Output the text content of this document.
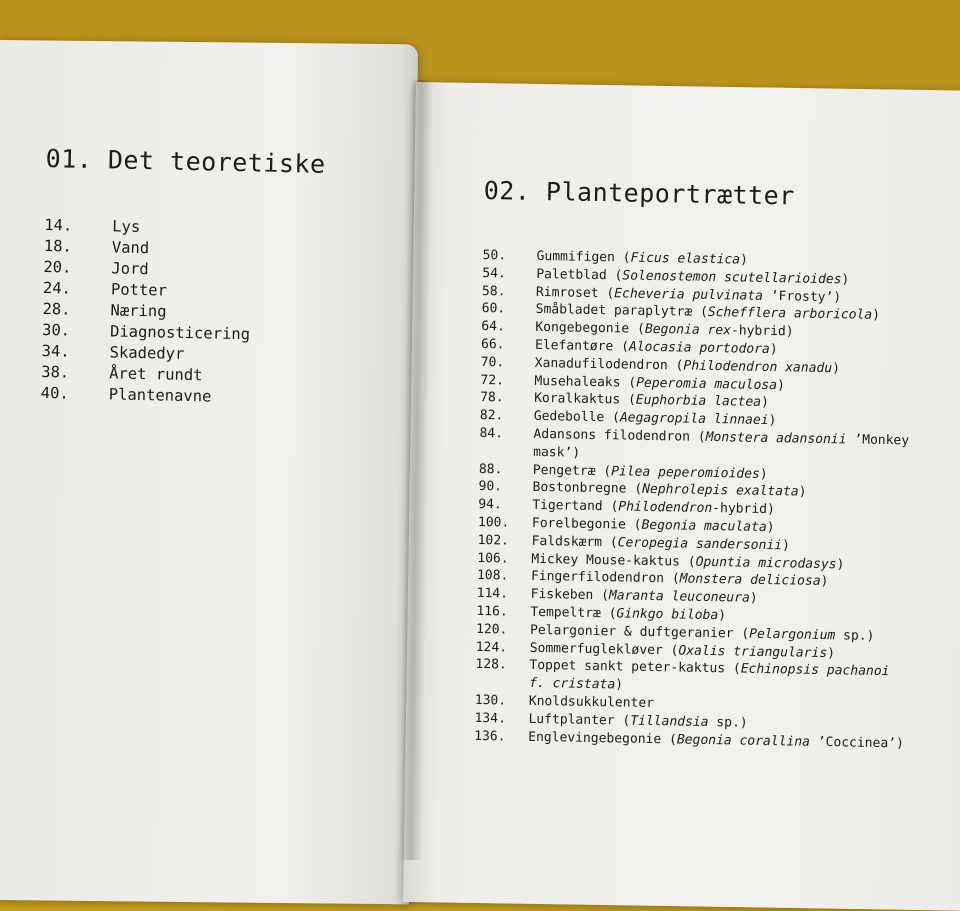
01. Det teoretiske
14.	Lys
18.	Vand
20.	Jord
24.	Potter
28.	Næring
30.	Diagnosticering
34.	Skadedyr
38.	Året rundt
40.	Plantenavne
02. Planteportrætter
50.	Gummifigen (Ficus elastica)
54.	Paletblad (Solenostemon scutellarioides)
58.	Rimroset (Echeveria pulvinata ’Frosty’)
60.	Småbladet paraplytræ (Schefflera arboricola)
64.	Kongebegonie (Begonia rex-hybrid)
66.	Elefantøre (Alocasia portodora)
70.	Xanadufilodendron (Philodendron xanadu)
72.	Musehaleaks (Peperomia maculosa)
78.	Koralkaktus (Euphorbia lactea)
82.	Gedebolle (Aegagropila linnaei)
84.	Adansons filodendron (Monstera adansonii ’Monkey mask’)
88.	Pengetræ (Pilea peperomioides)
90.	Bostonbregne (Nephrolepis exaltata)
94.	Tigertand (Philodendron-hybrid)
100.	Forelbegonie (Begonia maculata)
102.	Faldskærm (Ceropegia sandersonii)
106.	Mickey Mouse-kaktus (Opuntia microdasys)
108.	Fingerfilodendron (Monstera deliciosa)
114.	Fiskeben (Maranta leuconeura)
116.	Tempeltræ (Ginkgo biloba)
120.	Pelargonier & duftgeranier (Pelargonium sp.)
124.	Sommerfuglekløver (Oxalis triangularis)
128.	Toppet sankt peter-kaktus (Echinopsis pachanoi f. cristata)
130.	Knoldsukkulenter
134.	Luftplanter (Tillandsia sp.)
136.	Englevingebegonie (Begonia corallina ’Coccinea’)
